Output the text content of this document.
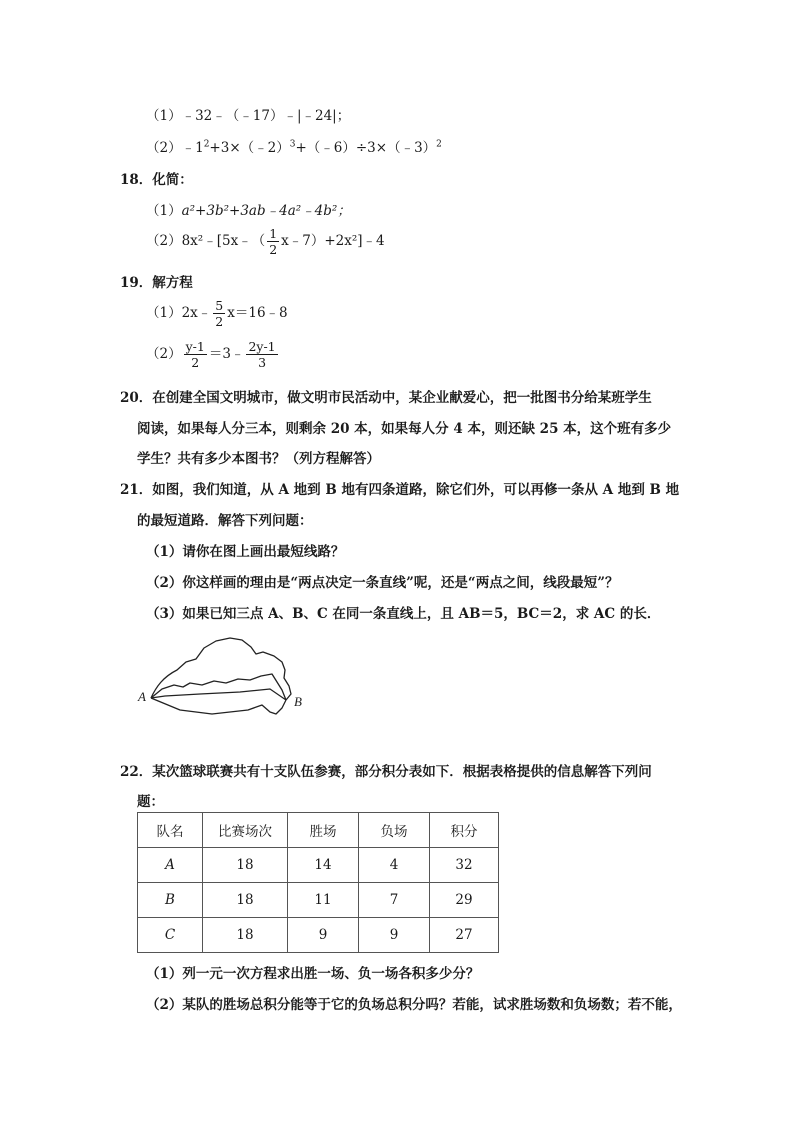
（1）﹣32﹣（﹣17）﹣|﹣24|；
$(2)﹣1^2+3\times(﹣2)^3+(﹣6)\div 3\times(﹣3)^2$
18．化简：
（1）a²+3b²+3ab﹣4a²﹣4b²；
（2）8x²﹣[5x﹣（ $\frac{1}{2}$ x﹣7）+2x²]﹣4
19．解方程
（1）2x﹣ $\frac{5}{2}$ x＝16﹣8
$(2) \frac{y-1}{2}$ ＝3﹣ $\frac{2y-1}{3}$
20．在创建全国文明城市，做文明市民活动中，某企业献爱心，把一批图书分给某班学生
阅读，如果每人分三本，则剩余 20 本，如果每人分 4 本，则还缺 25 本，这个班有多少
学生？共有多少本图书？（列方程解答）
21．如图，我们知道，从 A 地到 B 地有四条道路，除它们外，可以再修一条从 A 地到 B 地
的最短道路．解答下列问题：
（1）请你在图上画出最短线路？
（2）你这样画的理由是“两点决定一条直线”呢，还是“两点之间，线段最短”？
（3）如果已知三点 A、B、C 在同一条直线上，且 AB＝5，BC＝2，求 AC 的长．
A	B
22．某次篮球联赛共有十支队伍参赛，部分积分表如下．根据表格提供的信息解答下列问
题：
队名	比赛场次	胜场	负场	积分
A	18	14	4	32
B	18	11	7	29
C	18	9	9	27
（1）列一元一次方程求出胜一场、负一场各积多少分？
（2）某队的胜场总积分能等于它的负场总积分吗？若能，试求胜场数和负场数；若不能，
